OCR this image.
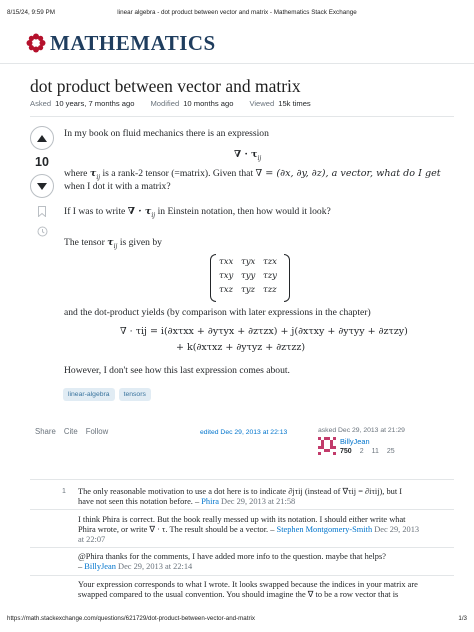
8/15/24, 9:59 PM	linear algebra - dot product between vector and matrix - Mathematics Stack Exchange
MATHEMATICS
dot product between vector and matrix
Asked 10 years, 7 months ago Modified 10 months ago Viewed 15k times
10

In my book on fluid mechanics there is an expression

∇ · $\tau_{ij}$

where $\tau_{ij}$ is a rank-2 tensor (=matrix). Given that ∇ = (∂x, ∂y, ∂z), a vector, what do I get

when I dot it with a matrix?

If I was to write ∇ · $\tau_{ij}$ in Einstein notation, then how would it look?

The tensor $\tau_{ij}$ is given by

and the dot-product yields (by comparison with later expressions in the chapter)

∇ · τij = i(∂xτxx + ∂yτyx + ∂zτzx) + j(∂xτxy + ∂yτyy + ∂zτzy)
+ k(∂xτxz + ∂yτyz + ∂zτzz)

However, I don't see how this last expression comes about.

τxx τyx τzx
τxy τyy τzy
τxz τyz τzz
linear-algebra	tensors
Share Cite Follow	edited Dec 29, 2013 at 22:13	asked Dec 29, 2013 at 21:29
BillyJean
750 2 11 25
1 The only reasonable motivation to use a dot here is to indicate ∂jτij (instead of ∇τij = ∂iτij), but I
have not seen this notation before. – Phira Dec 29, 2013 at 21:58
I think Phira is correct. But the book really messed up with its notation. I should either write what
Phira wrote, or write ∇ · τ. The result should be a vector. – Stephen Montgomery-Smith Dec 29, 2013
at 22:07
@Phira thanks for the comments, I have added more info to the question. maybe that helps?
– BillyJean Dec 29, 2013 at 22:14
Your expression corresponds to what I wrote. It looks swapped because the indices in your matrix are
swapped compared to the usual convention. You should imagine the ∇ to be a row vector that is
https://math.stackexchange.com/questions/621729/dot-product-between-vector-and-matrix	1/3
